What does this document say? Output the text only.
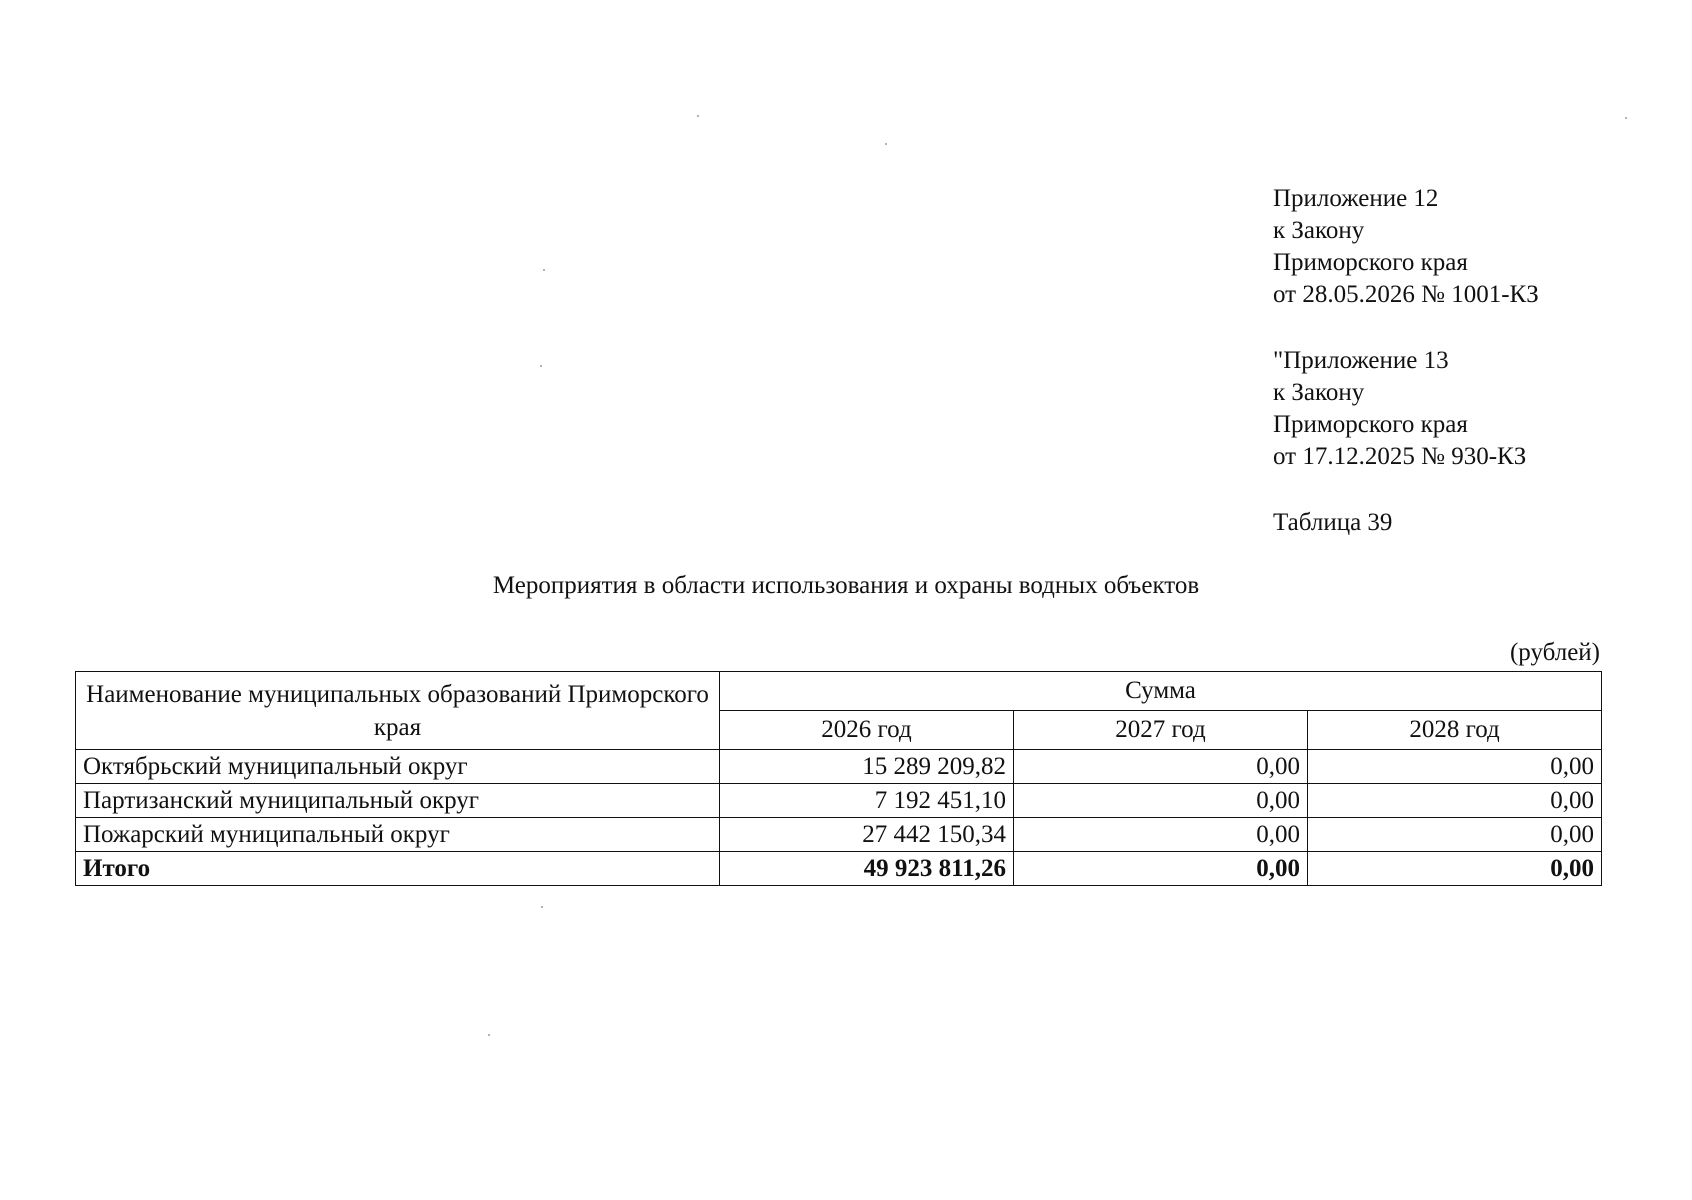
Приложение 12
к Закону
Приморского края
от 28.05.2026 № 1001-КЗ
"Приложение 13
к Закону
Приморского края
от 17.12.2025 № 930-КЗ
Таблица 39
Мероприятия в области использования и охраны водных объектов
(рублей)
Наименование муниципальных образований Приморского края	Сумма		
	2026 год	2027 год	2028 год
Октябрьский муниципальный округ	15 289 209,82	0,00	0,00
Партизанский муниципальный округ	7 192 451,10	0,00	0,00
Пожарский муниципальный округ	27 442 150,34	0,00	0,00
Итого	49 923 811,26	0,00	0,00
